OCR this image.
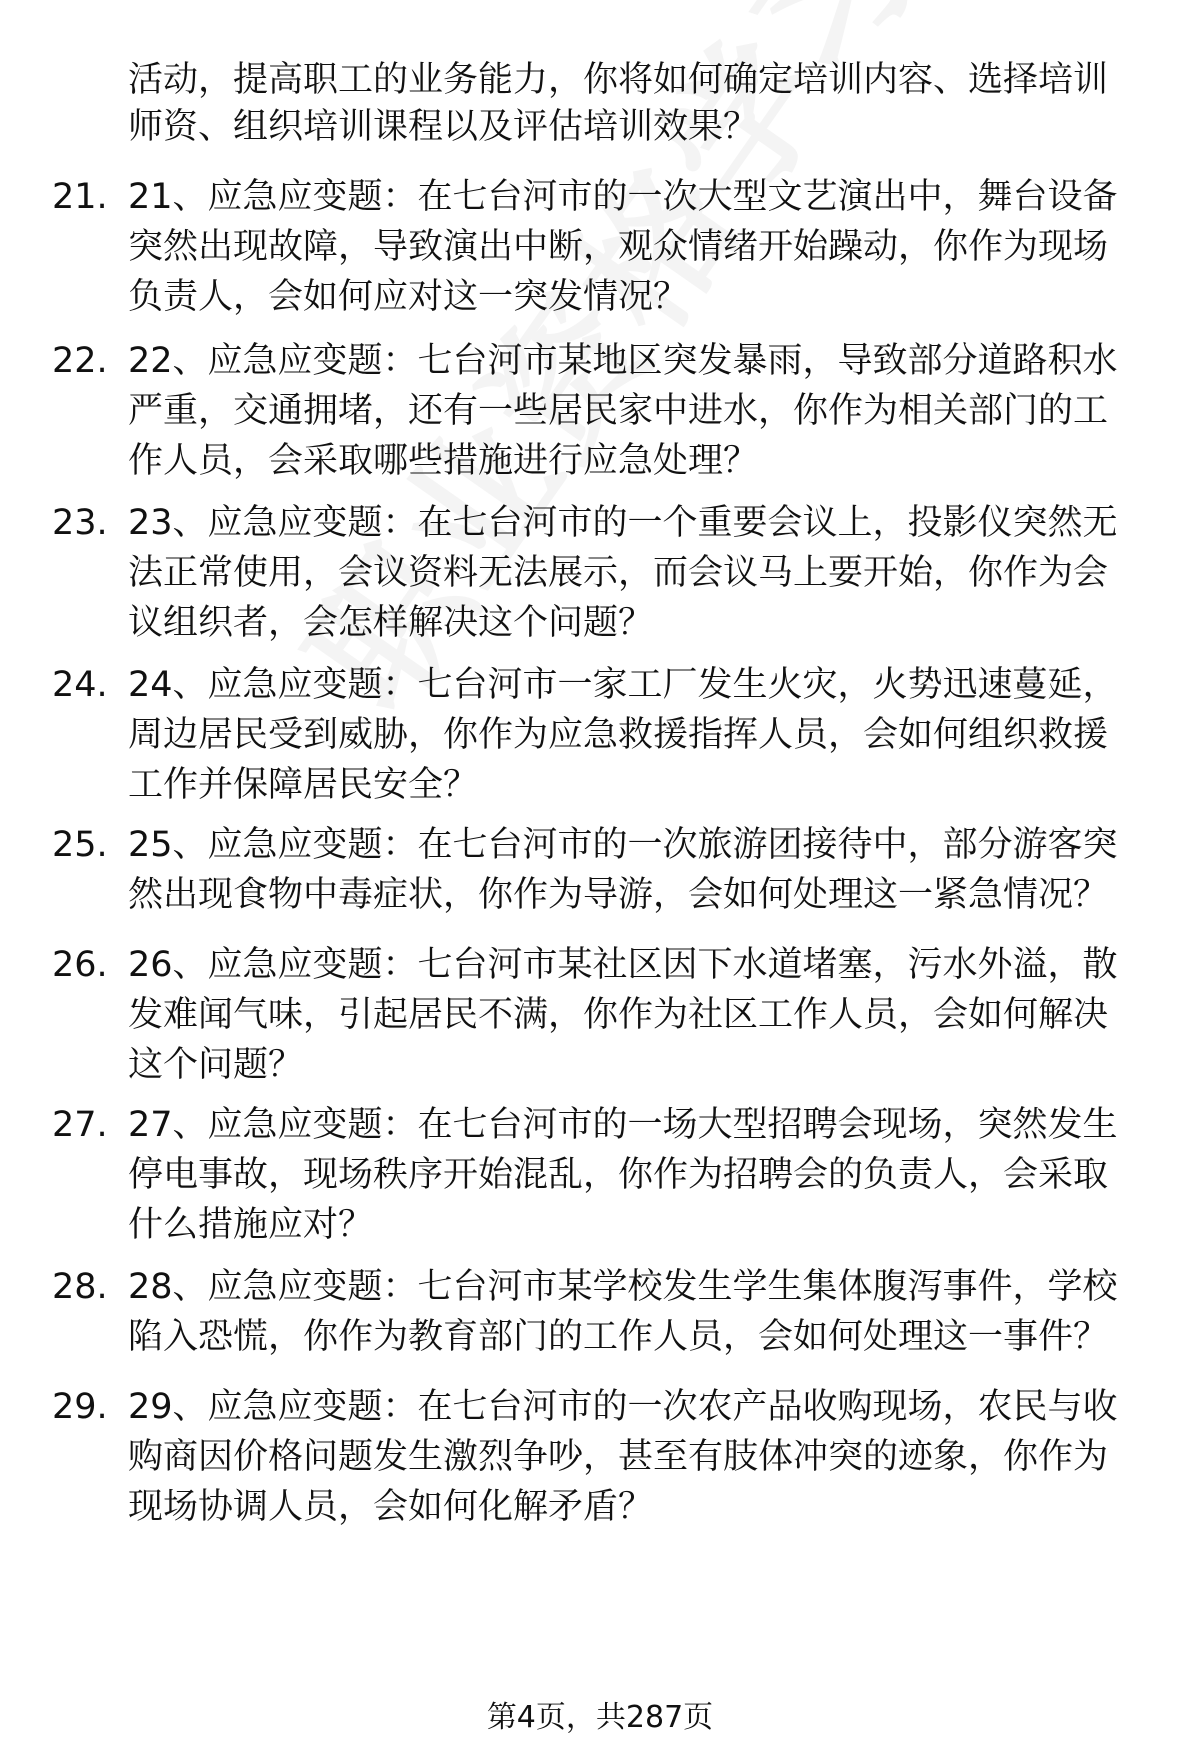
活动，提高职工的业务能力，你将如何确定培训内容、选择培训
师资、组织培训课程以及评估培训效果？
21. 21、应急应变题：在七台河市的一次大型文艺演出中，舞台设备
突然出现故障，导致演出中断，观众情绪开始躁动，你作为现场
负责人，会如何应对这一突发情况？
22. 22、应急应变题：七台河市某地区突发暴雨，导致部分道路积水
严重，交通拥堵，还有一些居民家中进水，你作为相关部门的工
作人员，会采取哪些措施进行应急处理？
23. 23、应急应变题：在七台河市的一个重要会议上，投影仪突然无
法正常使用，会议资料无法展示，而会议马上要开始，你作为会
议组织者，会怎样解决这个问题？
24. 24、应急应变题：七台河市一家工厂发生火灾，火势迅速蔓延，
周边居民受到威胁，你作为应急救援指挥人员，会如何组织救援
工作并保障居民安全？
25. 25、应急应变题：在七台河市的一次旅游团接待中，部分游客突
然出现食物中毒症状，你作为导游，会如何处理这一紧急情况？
26. 26、应急应变题：七台河市某社区因下水道堵塞，污水外溢，散
发难闻气味，引起居民不满，你作为社区工作人员，会如何解决
这个问题？
27. 27、应急应变题：在七台河市的一场大型招聘会现场，突然发生
停电事故，现场秩序开始混乱，你作为招聘会的负责人，会采取
什么措施应对？
28. 28、应急应变题：七台河市某学校发生学生集体腹泻事件，学校
陷入恐慌，你作为教育部门的工作人员，会如何处理这一事件？
29. 29、应急应变题：在七台河市的一次农产品收购现场，农民与收
购商因价格问题发生激烈争吵，甚至有肢体冲突的迹象，你作为
现场协调人员，会如何化解矛盾？
第4页，共287页
